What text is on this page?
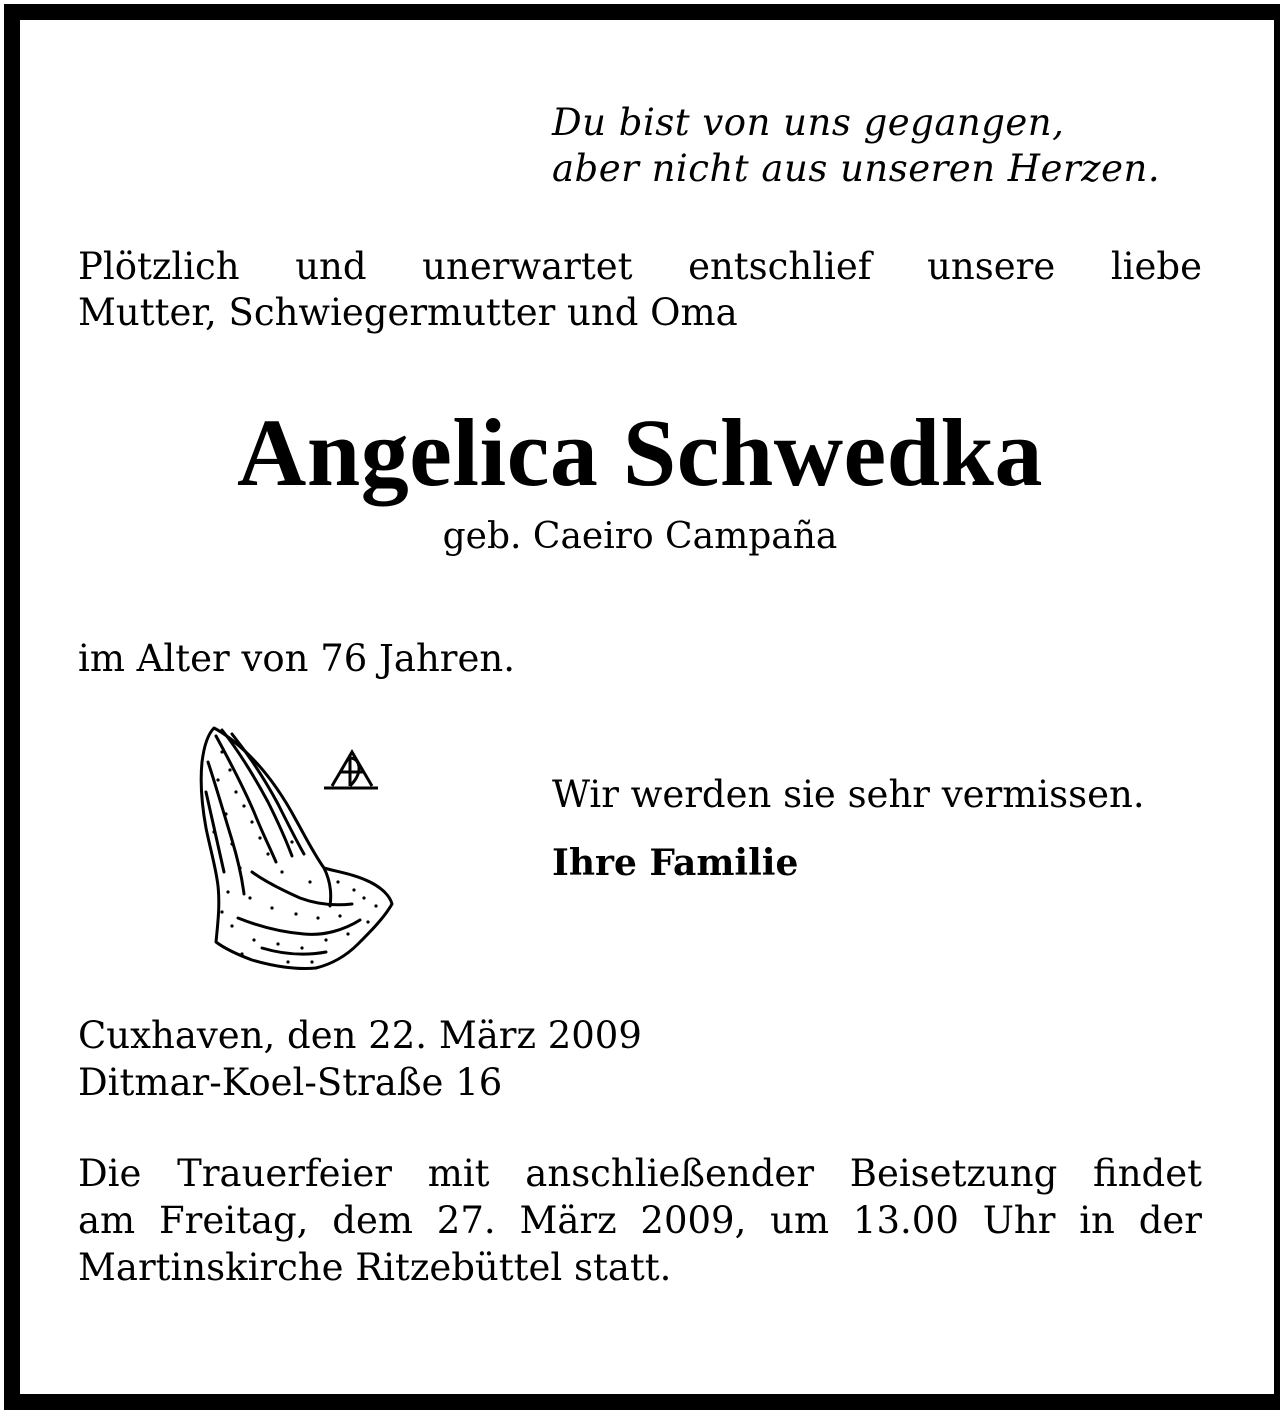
Du bist von uns gegangen,
aber nicht aus unseren Herzen.
Plötzlich und unerwartet entschlief unsere liebe
Mutter, Schwiegermutter und Oma
Angelica Schwedka
geb. Caeiro Campaña
im Alter von 76 Jahren.
Wir werden sie sehr vermissen.
Ihre Familie
Cuxhaven, den 22. März 2009
Ditmar-Koel-Straße 16
Die Trauerfeier mit anschließender Beisetzung findet
am Freitag, dem 27. März 2009, um 13.00 Uhr in der
Martinskirche Ritzebüttel statt.
